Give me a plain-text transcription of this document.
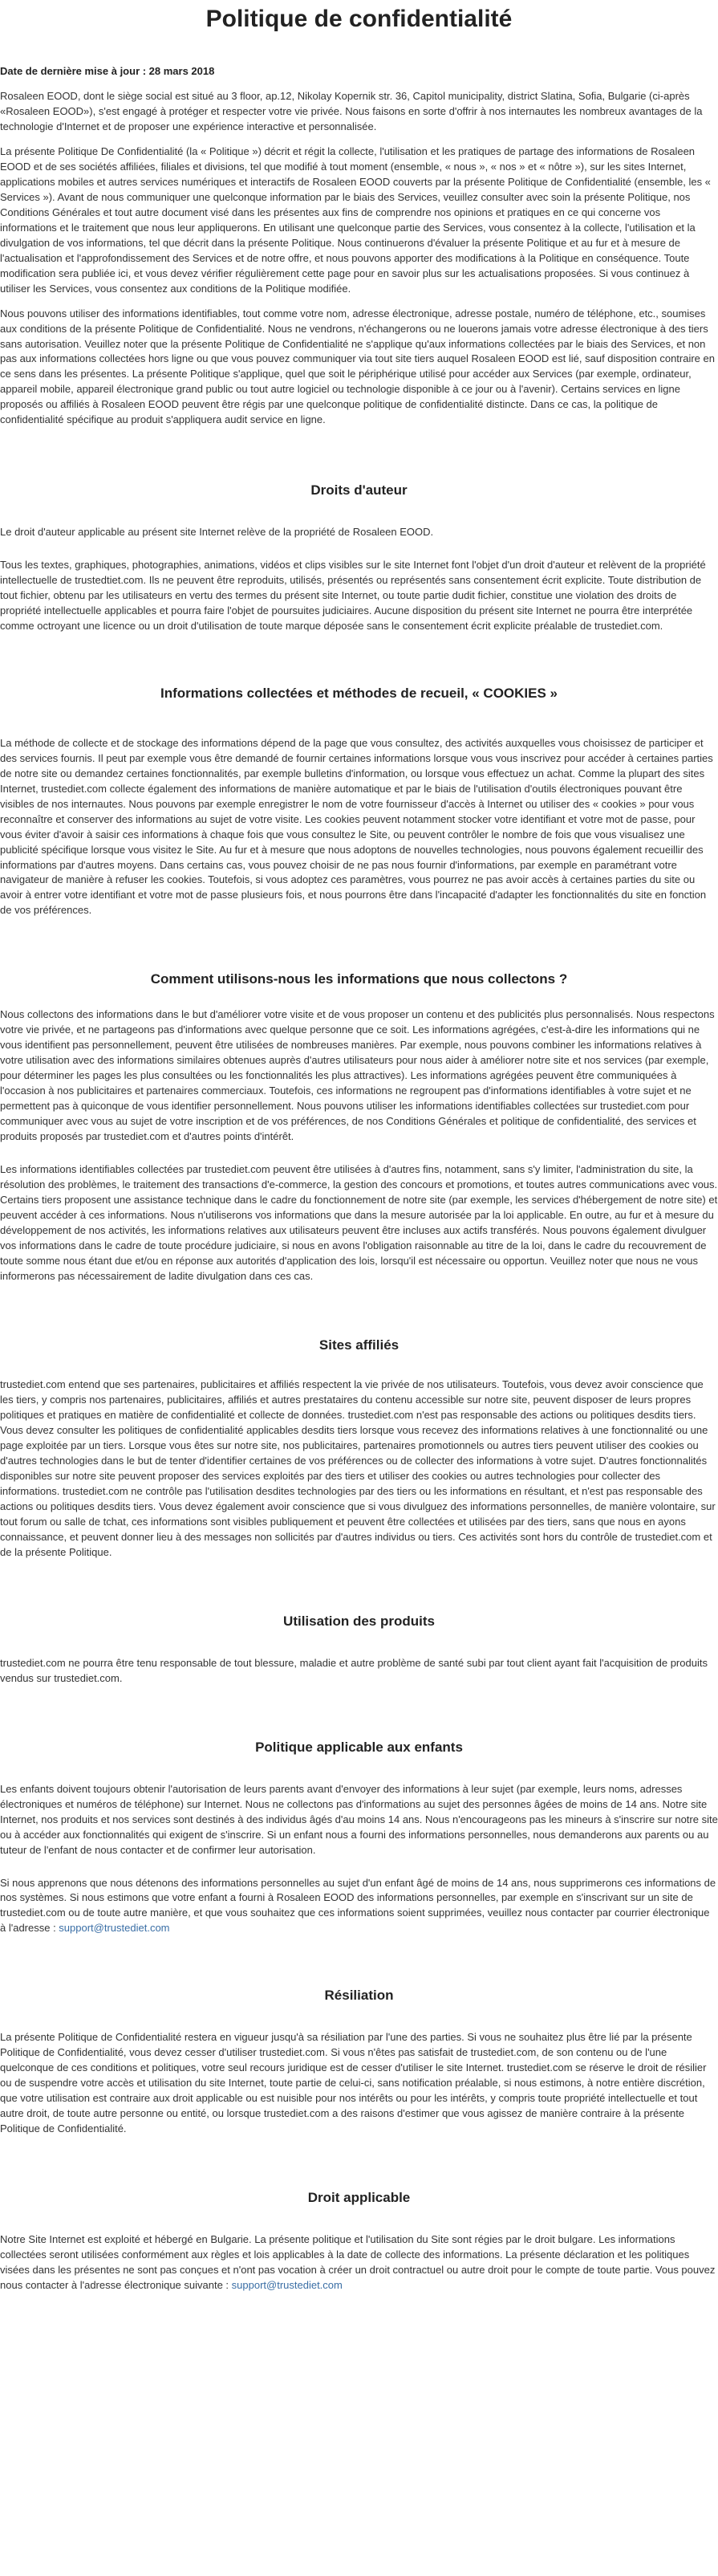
Politique de confidentialité
Date de dernière mise à jour : 28 mars 2018

Rosaleen EOOD, dont le siège social est situé au 3 floor, ap.12, Nikolay Kopernik str. 36, Capitol municipality, district Slatina, Sofia, Bulgarie (ci-après «Rosaleen EOOD»), s'est engagé à protéger et respecter votre vie privée. Nous faisons en sorte d'offrir à nos internautes les nombreux avantages de la technologie d'Internet et de proposer une expérience interactive et personnalisée.

La présente Politique De Confidentialité (la « Politique ») décrit et régit la collecte, l'utilisation et les pratiques de partage des informations de Rosaleen EOOD et de ses sociétés affiliées, filiales et divisions, tel que modifié à tout moment (ensemble, « nous », « nos » et « nôtre »), sur les sites Internet, applications mobiles et autres services numériques et interactifs de Rosaleen EOOD couverts par la présente Politique de Confidentialité (ensemble, les « Services »). Avant de nous communiquer une quelconque information par le biais des Services, veuillez consulter avec soin la présente Politique, nos Conditions Générales et tout autre document visé dans les présentes aux fins de comprendre nos opinions et pratiques en ce qui concerne vos informations et le traitement que nous leur appliquerons. En utilisant une quelconque partie des Services, vous consentez à la collecte, l'utilisation et la divulgation de vos informations, tel que décrit dans la présente Politique. Nous continuerons d'évaluer la présente Politique et au fur et à mesure de l'actualisation et l'approfondissement des Services et de notre offre, et nous pouvons apporter des modifications à la Politique en conséquence. Toute modification sera publiée ici, et vous devez vérifier régulièrement cette page pour en savoir plus sur les actualisations proposées. Si vous continuez à utiliser les Services, vous consentez aux conditions de la Politique modifiée.

Nous pouvons utiliser des informations identifiables, tout comme votre nom, adresse électronique, adresse postale, numéro de téléphone, etc., soumises aux conditions de la présente Politique de Confidentialité. Nous ne vendrons, n'échangerons ou ne louerons jamais votre adresse électronique à des tiers sans autorisation. Veuillez noter que la présente Politique de Confidentialité ne s'applique qu'aux informations collectées par le biais des Services, et non pas aux informations collectées hors ligne ou que vous pouvez communiquer via tout site tiers auquel Rosaleen EOOD est lié, sauf disposition contraire en ce sens dans les présentes. La présente Politique s'applique, quel que soit le périphérique utilisé pour accéder aux Services (par exemple, ordinateur, appareil mobile, appareil électronique grand public ou tout autre logiciel ou technologie disponible à ce jour ou à l'avenir). Certains services en ligne proposés ou affiliés à Rosaleen EOOD peuvent être régis par une quelconque politique de confidentialité distincte. Dans ce cas, la politique de confidentialité spécifique au produit s'appliquera audit service en ligne.

Droits d'auteur

Le droit d'auteur applicable au présent site Internet relève de la propriété de Rosaleen EOOD.

Tous les textes, graphiques, photographies, animations, vidéos et clips visibles sur le site Internet font l'objet d'un droit d'auteur et relèvent de la propriété intellectuelle de trustedtiet.com. Ils ne peuvent être reproduits, utilisés, présentés ou représentés sans consentement écrit explicite. Toute distribution de tout fichier, obtenu par les utilisateurs en vertu des termes du présent site Internet, ou toute partie dudit fichier, constitue une violation des droits de propriété intellectuelle applicables et pourra faire l'objet de poursuites judiciaires. Aucune disposition du présent site Internet ne pourra être interprétée comme octroyant une licence ou un droit d'utilisation de toute marque déposée sans le consentement écrit explicite préalable de trustediet.com.

Informations collectées et méthodes de recueil, « COOKIES »

La méthode de collecte et de stockage des informations dépend de la page que vous consultez, des activités auxquelles vous choisissez de participer et des services fournis. Il peut par exemple vous être demandé de fournir certaines informations lorsque vous vous inscrivez pour accéder à certaines parties de notre site ou demandez certaines fonctionnalités, par exemple bulletins d'information, ou lorsque vous effectuez un achat. Comme la plupart des sites Internet, trustediet.com collecte également des informations de manière automatique et par le biais de l'utilisation d'outils électroniques pouvant être visibles de nos internautes. Nous pouvons par exemple enregistrer le nom de votre fournisseur d'accès à Internet ou utiliser des « cookies » pour vous reconnaître et conserver des informations au sujet de votre visite. Les cookies peuvent notamment stocker votre identifiant et votre mot de passe, pour vous éviter d'avoir à saisir ces informations à chaque fois que vous consultez le Site, ou peuvent contrôler le nombre de fois que vous visualisez une publicité spécifique lorsque vous visitez le Site. Au fur et à mesure que nous adoptons de nouvelles technologies, nous pouvons également recueillir des informations par d'autres moyens. Dans certains cas, vous pouvez choisir de ne pas nous fournir d'informations, par exemple en paramétrant votre navigateur de manière à refuser les cookies. Toutefois, si vous adoptez ces paramètres, vous pourrez ne pas avoir accès à certaines parties du site ou avoir à entrer votre identifiant et votre mot de passe plusieurs fois, et nous pourrons être dans l'incapacité d'adapter les fonctionnalités du site en fonction de vos préférences.

Comment utilisons-nous les informations que nous collectons ?

Nous collectons des informations dans le but d'améliorer votre visite et de vous proposer un contenu et des publicités plus personnalisés. Nous respectons votre vie privée, et ne partageons pas d'informations avec quelque personne que ce soit. Les informations agrégées, c'est-à-dire les informations qui ne vous identifient pas personnellement, peuvent être utilisées de nombreuses manières. Par exemple, nous pouvons combiner les informations relatives à votre utilisation avec des informations similaires obtenues auprès d'autres utilisateurs pour nous aider à améliorer notre site et nos services (par exemple, pour déterminer les pages les plus consultées ou les fonctionnalités les plus attractives). Les informations agrégées peuvent être communiquées à l'occasion à nos publicitaires et partenaires commerciaux. Toutefois, ces informations ne regroupent pas d'informations identifiables à votre sujet et ne permettent pas à quiconque de vous identifier personnellement. Nous pouvons utiliser les informations identifiables collectées sur trustediet.com pour communiquer avec vous au sujet de votre inscription et de vos préférences, de nos Conditions Générales et politique de confidentialité, des services et produits proposés par trustediet.com et d'autres points d'intérêt.

Les informations identifiables collectées par trustediet.com peuvent être utilisées à d'autres fins, notamment, sans s'y limiter, l'administration du site, la résolution des problèmes, le traitement des transactions d'e-commerce, la gestion des concours et promotions, et toutes autres communications avec vous. Certains tiers proposent une assistance technique dans le cadre du fonctionnement de notre site (par exemple, les services d'hébergement de notre site) et peuvent accéder à ces informations. Nous n'utiliserons vos informations que dans la mesure autorisée par la loi applicable. En outre, au fur et à mesure du développement de nos activités, les informations relatives aux utilisateurs peuvent être incluses aux actifs transférés. Nous pouvons également divulguer vos informations dans le cadre de toute procédure judiciaire, si nous en avons l'obligation raisonnable au titre de la loi, dans le cadre du recouvrement de toute somme nous étant due et/ou en réponse aux autorités d'application des lois, lorsqu'il est nécessaire ou opportun. Veuillez noter que nous ne vous informerons pas nécessairement de ladite divulgation dans ces cas.

Sites affiliés

trustediet.com entend que ses partenaires, publicitaires et affiliés respectent la vie privée de nos utilisateurs. Toutefois, vous devez avoir conscience que les tiers, y compris nos partenaires, publicitaires, affiliés et autres prestataires du contenu accessible sur notre site, peuvent disposer de leurs propres politiques et pratiques en matière de confidentialité et collecte de données. trustediet.com n'est pas responsable des actions ou politiques desdits tiers. Vous devez consulter les politiques de confidentialité applicables desdits tiers lorsque vous recevez des informations relatives à une fonctionnalité ou une page exploitée par un tiers. Lorsque vous êtes sur notre site, nos publicitaires, partenaires promotionnels ou autres tiers peuvent utiliser des cookies ou d'autres technologies dans le but de tenter d'identifier certaines de vos préférences ou de collecter des informations à votre sujet. D'autres fonctionnalités disponibles sur notre site peuvent proposer des services exploités par des tiers et utiliser des cookies ou autres technologies pour collecter des informations. trustediet.com ne contrôle pas l'utilisation desdites technologies par des tiers ou les informations en résultant, et n'est pas responsable des actions ou politiques desdits tiers. Vous devez également avoir conscience que si vous divulguez des informations personnelles, de manière volontaire, sur tout forum ou salle de tchat, ces informations sont visibles publiquement et peuvent être collectées et utilisées par des tiers, sans que nous en ayons connaissance, et peuvent donner lieu à des messages non sollicités par d'autres individus ou tiers. Ces activités sont hors du contrôle de trustediet.com et de la présente Politique.

Utilisation des produits

trustediet.com ne pourra être tenu responsable de tout blessure, maladie et autre problème de santé subi par tout client ayant fait l'acquisition de produits vendus sur trustediet.com.

Politique applicable aux enfants

Les enfants doivent toujours obtenir l'autorisation de leurs parents avant d'envoyer des informations à leur sujet (par exemple, leurs noms, adresses électroniques et numéros de téléphone) sur Internet. Nous ne collectons pas d'informations au sujet des personnes âgées de moins de 14 ans. Notre site Internet, nos produits et nos services sont destinés à des individus âgés d'au moins 14 ans. Nous n'encourageons pas les mineurs à s'inscrire sur notre site ou à accéder aux fonctionnalités qui exigent de s'inscrire. Si un enfant nous a fourni des informations personnelles, nous demanderons aux parents ou au tuteur de l'enfant de nous contacter et de confirmer leur autorisation.

Si nous apprenons que nous détenons des informations personnelles au sujet d'un enfant âgé de moins de 14 ans, nous supprimerons ces informations de nos systèmes. Si nous estimons que votre enfant a fourni à Rosaleen EOOD des informations personnelles, par exemple en s'inscrivant sur un site de trustediet.com ou de toute autre manière, et que vous souhaitez que ces informations soient supprimées, veuillez nous contacter par courrier électronique à l'adresse : support@trustediet.com

Résiliation

La présente Politique de Confidentialité restera en vigueur jusqu'à sa résiliation par l'une des parties. Si vous ne souhaitez plus être lié par la présente Politique de Confidentialité, vous devez cesser d'utiliser trustediet.com. Si vous n'êtes pas satisfait de trustediet.com, de son contenu ou de l'une quelconque de ces conditions et politiques, votre seul recours juridique est de cesser d'utiliser le site Internet. trustediet.com se réserve le droit de résilier ou de suspendre votre accès et utilisation du site Internet, toute partie de celui-ci, sans notification préalable, si nous estimons, à notre entière discrétion, que votre utilisation est contraire aux droit applicable ou est nuisible pour nos intérêts ou pour les intérêts, y compris toute propriété intellectuelle et tout autre droit, de toute autre personne ou entité, ou lorsque trustediet.com a des raisons d'estimer que vous agissez de manière contraire à la présente Politique de Confidentialité.

Droit applicable

Notre Site Internet est exploité et hébergé en Bulgarie. La présente politique et l'utilisation du Site sont régies par le droit bulgare. Les informations collectées seront utilisées conformément aux règles et lois applicables à la date de collecte des informations. La présente déclaration et les politiques visées dans les présentes ne sont pas conçues et n'ont pas vocation à créer un droit contractuel ou autre droit pour le compte de toute partie. Vous pouvez nous contacter à l'adresse électronique suivante : support@trustediet.com
